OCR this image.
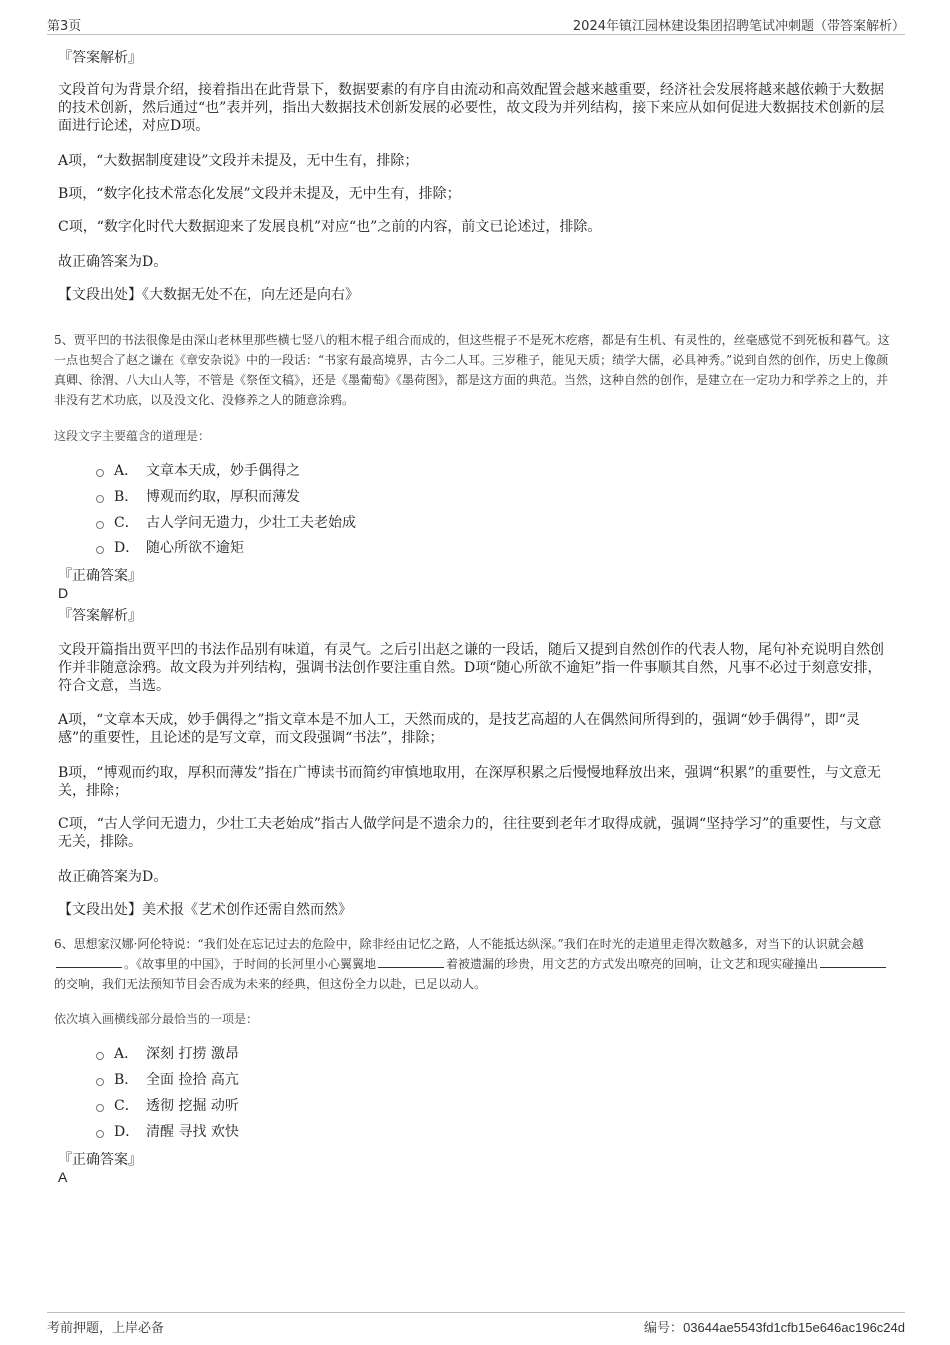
第3页	2024年镇江园林建设集团招聘笔试冲刺题（带答案解析）
『答案解析』
文段首句为背景介绍，接着指出在此背景下，数据要素的有序自由流动和高效配置会越来越重要，经济社会发展将越来越依赖于大数据的技术创新，然后通过“也”表并列，指出大数据技术创新发展的必要性，故文段为并列结构，接下来应从如何促进大数据技术创新的层面进行论述，对应D项。
A项，“大数据制度建设”文段并未提及，无中生有，排除；
B项，“数字化技术常态化发展”文段并未提及，无中生有，排除；
C项，“数字化时代大数据迎来了发展良机”对应“也”之前的内容，前文已论述过，排除。
故正确答案为D。
【文段出处】《大数据无处不在，向左还是向右》
5、贾平凹的书法很像是由深山老林里那些横七竖八的粗木棍子组合而成的，但这些棍子不是死木疙瘩，都是有生机、有灵性的，丝毫感觉不到死板和暮气。这一点也契合了赵之谦在《章安杂说》中的一段话：“书家有最高境界，古今二人耳。三岁稚子，能见天质；绩学大儒，必具神秀。”说到自然的创作，历史上像颜真卿、徐渭、八大山人等，不管是《祭侄文稿》，还是《墨葡萄》《墨荷图》，都是这方面的典范。当然，这种自然的创作，是建立在一定功力和学养之上的，并非没有艺术功底，以及没文化、没修养之人的随意涂鸦。
这段文字主要蕴含的道理是：
A． 文章本天成，妙手偶得之
B． 博观而约取，厚积而薄发
C． 古人学问无遗力，少壮工夫老始成
D． 随心所欲不逾矩
『正确答案』
D
『答案解析』
文段开篇指出贾平凹的书法作品别有味道，有灵气。之后引出赵之谦的一段话，随后又提到自然创作的代表人物，尾句补充说明自然创作并非随意涂鸦。故文段为并列结构，强调书法创作要注重自然。D项“随心所欲不逾矩”指一件事顺其自然，凡事不必过于刻意安排，符合文意，当选。
A项，“文章本天成，妙手偶得之”指文章本是不加人工，天然而成的，是技艺高超的人在偶然间所得到的，强调“妙手偶得”，即“灵感”的重要性，且论述的是写文章，而文段强调“书法”，排除；
B项，“博观而约取，厚积而薄发”指在广博读书而简约审慎地取用，在深厚积累之后慢慢地释放出来，强调“积累”的重要性，与文意无关，排除；
C项，“古人学问无遗力，少壮工夫老始成”指古人做学问是不遗余力的，往往要到老年才取得成就，强调“坚持学习”的重要性，与文意无关，排除。
故正确答案为D。
【文段出处】美术报《艺术创作还需自然而然》
6、思想家汉娜·阿伦特说：“我们处在忘记过去的危险中，除非经由记忆之路，人不能抵达纵深。”我们在时光的走道里走得次数越多，对当下的认识就会越。《故事里的中国》，于时间的长河里小心翼翼地	着被遗漏的珍贵，用文艺的方式发出嘹亮的回响，让文艺和现实碰撞出的交响，我们无法预知节目会否成为未来的经典，但这份全力以赴，已足以动人。
依次填入画横线部分最恰当的一项是：
A． 深刻 打捞 激昂
B． 全面 捡拾 高亢
C． 透彻 挖掘 动听
D． 清醒 寻找 欢快
『正确答案』
A
考前押题，上岸必备	编号：03644ae5543fd1cfb15e646ac196c24d
